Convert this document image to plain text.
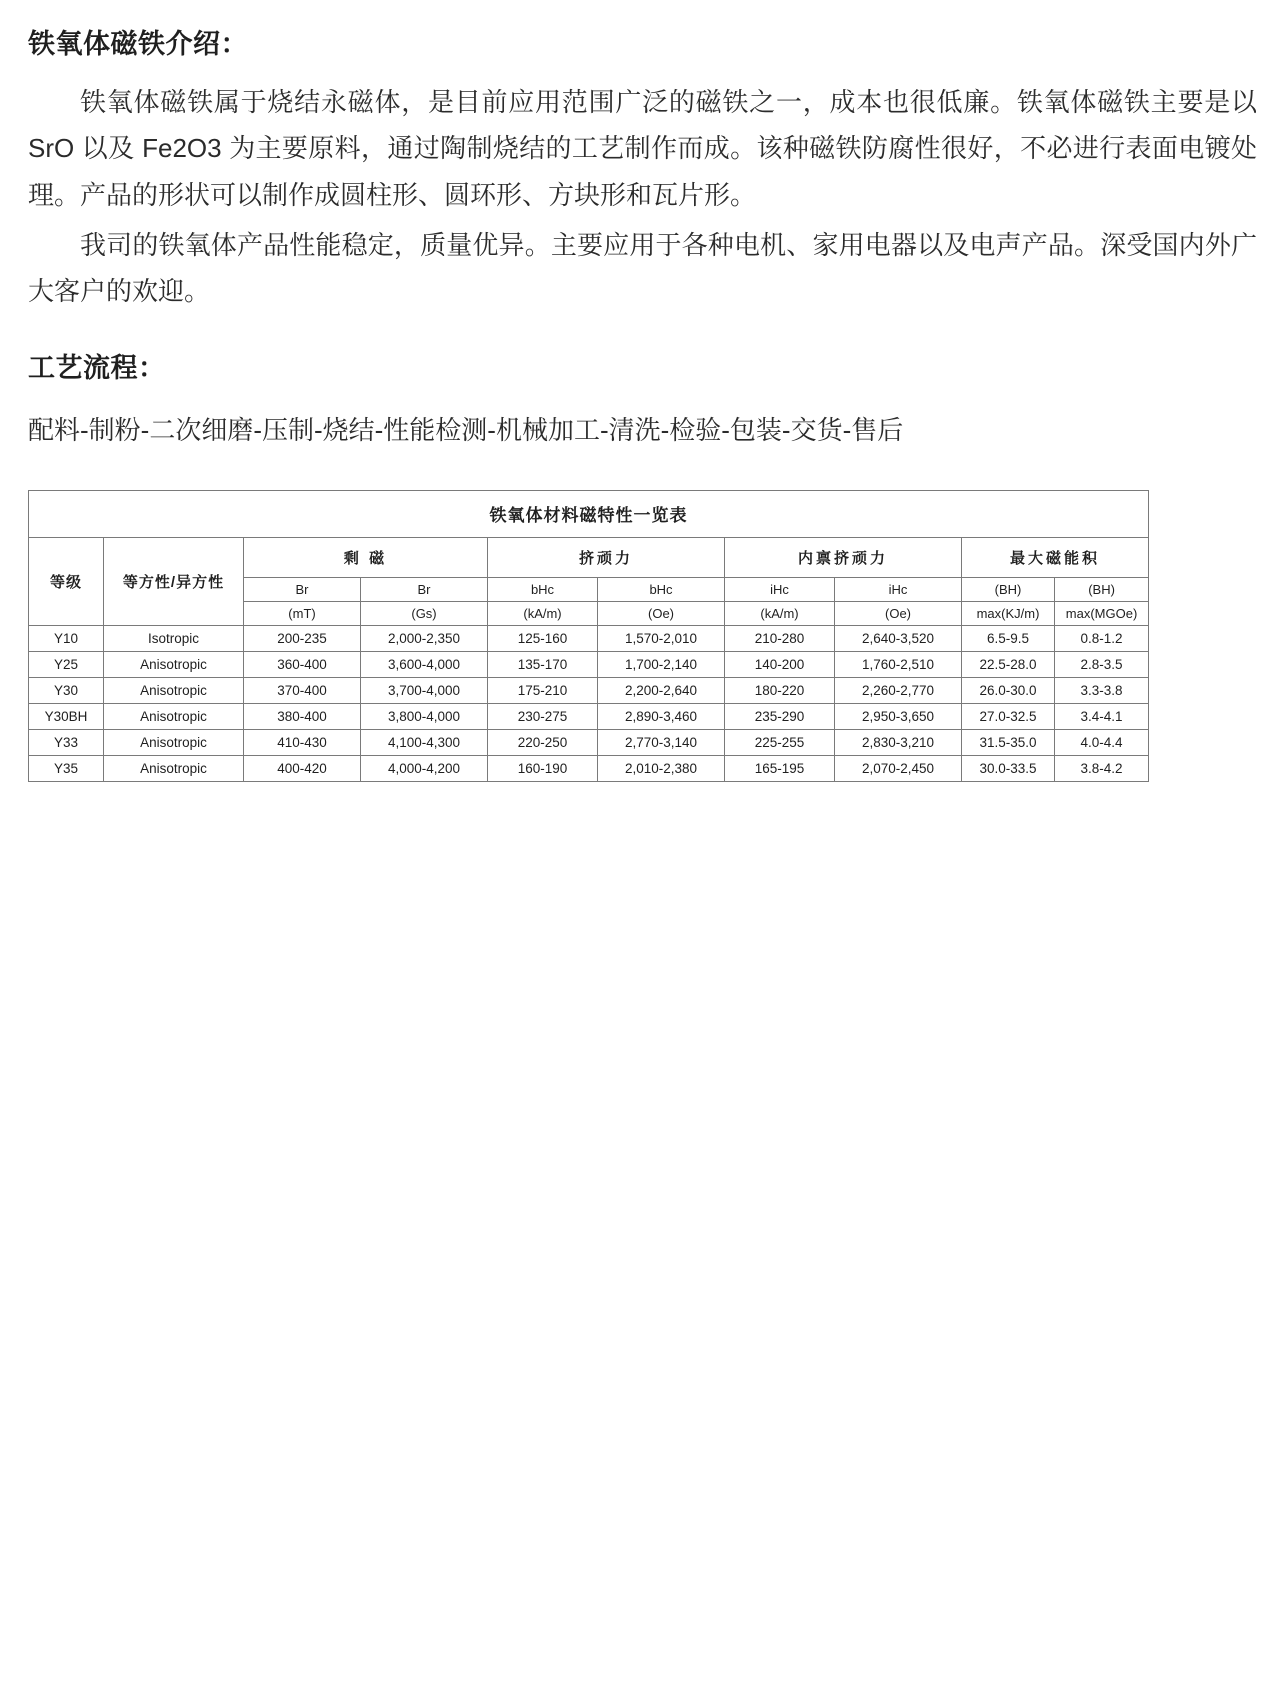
铁氧体磁铁介绍：

铁氧体磁铁属于烧结永磁体，是目前应用范围广泛的磁铁之一，成本也很低廉。铁氧体磁铁主要是以 SrO 以及 Fe2O3 为主要原料，通过陶制烧结的工艺制作而成。该种磁铁防腐性很好，不必进行表面电镀处理。产品的形状可以制作成圆柱形、圆环形、方块形和瓦片形。

我司的铁氧体产品性能稳定，质量优异。主要应用于各种电机、家用电器以及电声产品。深受国内外广大客户的欢迎。

工艺流程：

配料-制粉-二次细磨-压制-烧结-性能检测-机械加工-清洗-检验-包装-交货-售后

铁氧体材料磁特性一览表									
等级	等方性/异方性	剩 磁		挤顽力		内禀挤顽力		最大磁能积	
		Br	Br	bHc	bHc	iHc	iHc	(BH)	(BH)
		(mT)	(Gs)	(kA/m)	(Oe)	(kA/m)	(Oe)	max(KJ/m)	max(MGOe)
Y10	Isotropic	200-235	2,000-2,350	125-160	1,570-2,010	210-280	2,640-3,520	6.5-9.5	0.8-1.2
Y25	Anisotropic	360-400	3,600-4,000	135-170	1,700-2,140	140-200	1,760-2,510	22.5-28.0	2.8-3.5
Y30	Anisotropic	370-400	3,700-4,000	175-210	2,200-2,640	180-220	2,260-2,770	26.0-30.0	3.3-3.8
Y30BH	Anisotropic	380-400	3,800-4,000	230-275	2,890-3,460	235-290	2,950-3,650	27.0-32.5	3.4-4.1
Y33	Anisotropic	410-430	4,100-4,300	220-250	2,770-3,140	225-255	2,830-3,210	31.5-35.0	4.0-4.4
Y35	Anisotropic	400-420	4,000-4,200	160-190	2,010-2,380	165-195	2,070-2,450	30.0-33.5	3.8-4.2
